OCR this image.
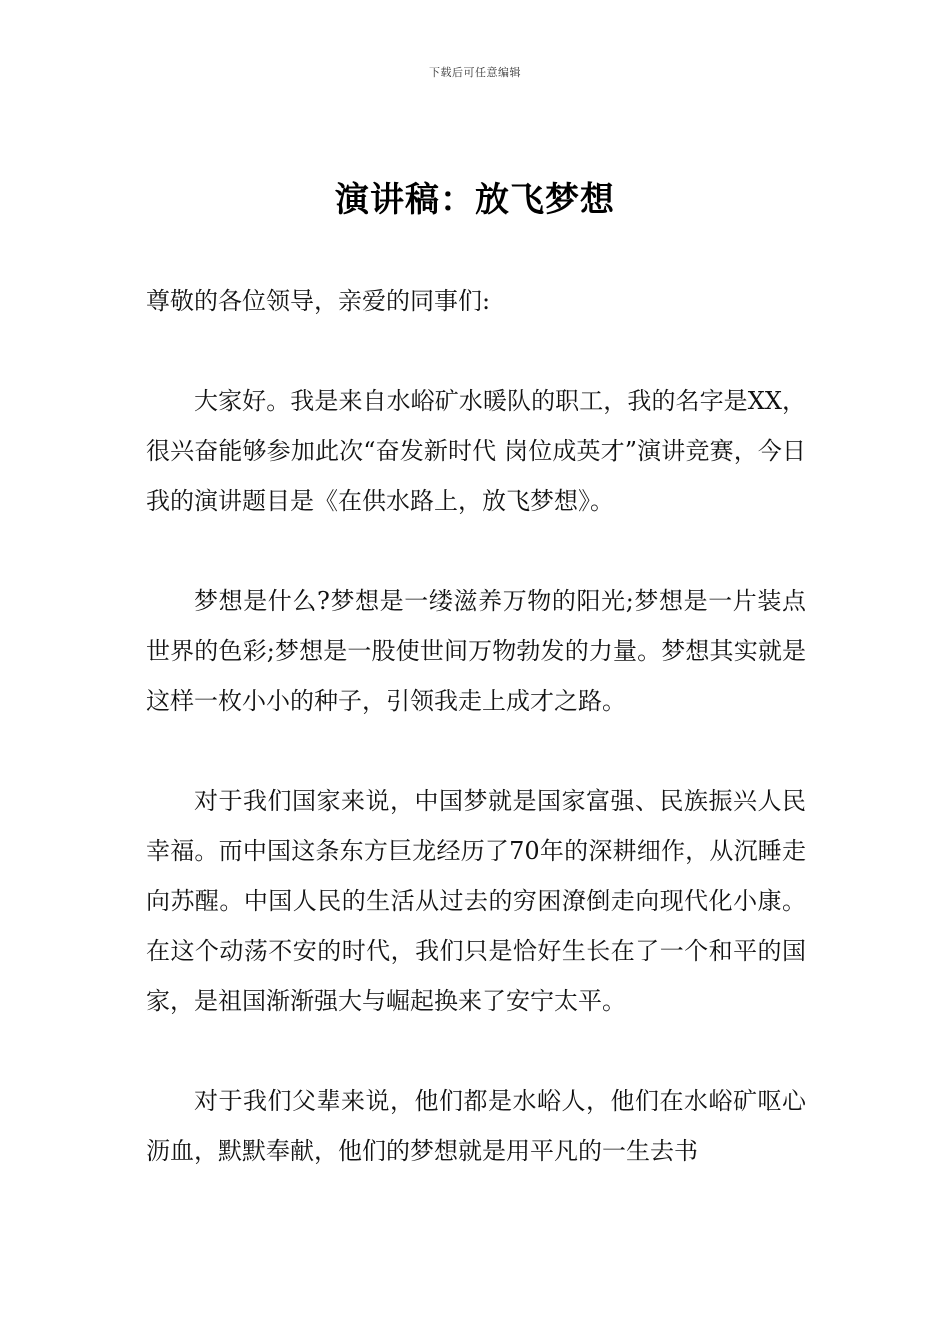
下载后可任意编辑
演讲稿：放飞梦想

尊敬的各位领导，亲爱的同事们:

大家好。我是来自水峪矿水暖队的职工，我的名字是XX，很兴奋能够参加此次“奋发新时代 岗位成英才”演讲竞赛，今日我的演讲题目是《在供水路上，放飞梦想》。

梦想是什么?梦想是一缕滋养万物的阳光;梦想是一片装点世界的色彩;梦想是一股使世间万物勃发的力量。梦想其实就是这样一枚小小的种子，引领我走上成才之路。

对于我们国家来说，中国梦就是国家富强、民族振兴人民幸福。而中国这条东方巨龙经历了70年的深耕细作，从沉睡走向苏醒。中国人民的生活从过去的穷困潦倒走向现代化小康。在这个动荡不安的时代，我们只是恰好生长在了一个和平的国家，是祖国渐渐强大与崛起换来了安宁太平。

对于我们父辈来说，他们都是水峪人，他们在水峪矿呕心沥血，默默奉献，他们的梦想就是用平凡的一生去书
